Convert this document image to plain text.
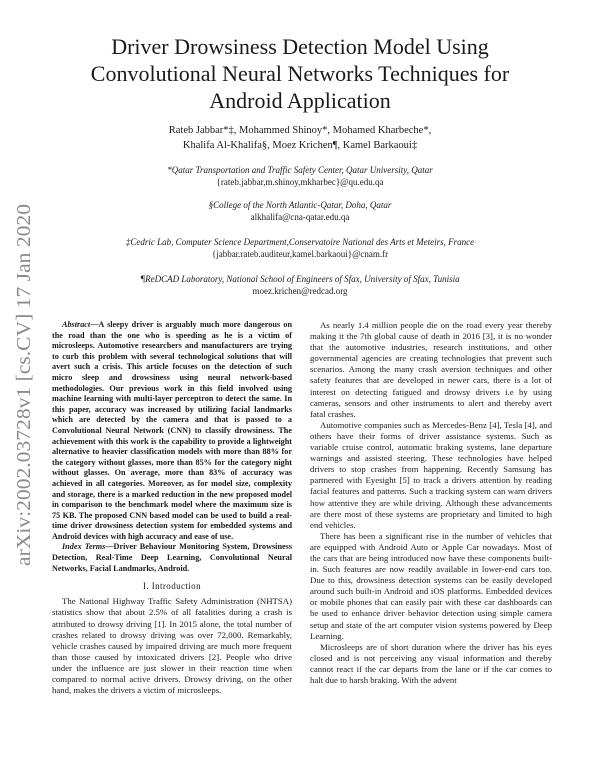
arXiv:2002.03728v1 [cs.CV] 17 Jan 2020
Driver Drowsiness Detection Model Using
Convolutional Neural Networks Techniques for
Android Application
Rateb Jabbar*‡, Mohammed Shinoy*, Mohamed Kharbeche*,
Khalifa Al-Khalifa§, Moez Krichen¶, Kamel Barkaoui‡
*Qatar Transportation and Traffic Safety Center, Qatar University, Qatar
{rateb.jabbar,m.shinoy,mkharbec}@qu.edu.qa
§College of the North Atlantic-Qatar, Doha, Qatar
alkhalifa@cna-qatar.edu.qa
‡Cedric Lab, Computer Science Department,Conservatoire National des Arts et Meteirs, France
{jabbar.rateb.auditeur,kamel.barkaoui}@cnam.fr
¶ReDCAD Laboratory, National School of Engineers of Sfax, University of Sfax, Tunisia
moez.krichen@redcad.org

Abstract—A sleepy driver is arguably much more dangerous on the road than the one who is speeding as he is a victim of microsleeps. Automotive researchers and manufacturers are trying to curb this problem with several technological solutions that will avert such a crisis. This article focuses on the detection of such micro sleep and drowsiness using neural network-based methodologies. Our previous work in this field involved using machine learning with multi-layer perceptron to detect the same. In this paper, accuracy was increased by utilizing facial landmarks which are detected by the camera and that is passed to a Convolutional Neural Network (CNN) to classify drowsiness. The achievement with this work is the capability to provide a lightweight alternative to heavier classification models with more than 88% for the category without glasses, more than 85% for the category night without glasses. On average, more than 83% of accuracy was achieved in all categories. Moreover, as for model size, complexity and storage, there is a marked reduction in the new proposed model in comparison to the benchmark model where the maximum size is 75 KB. The proposed CNN based model can be used to build a real-time driver drowsiness detection system for embedded systems and Android devices with high accuracy and ease of use.

Index Terms—Driver Behaviour Monitoring System, Drowsiness Detection, Real-Time Deep Learning, Convolutional Neural Networks, Facial Landmarks, Android.

I. Introduction

The National Highway Traffic Safety Administration (NHTSA) statistics show that about 2.5% of all fatalities during a crash is attributed to drowsy driving [1]. In 2015 alone, the total number of crashes related to drowsy driving was over 72,000. Remarkably, vehicle crashes caused by impaired driving are much more frequent than those caused by intoxicated drivers [2]. People who drive under the influence are just slower in their reaction time when compared to normal active drivers. Drowsy driving, on the other hand, makes the drivers a victim of microsleeps.

As nearly 1.4 million people die on the road every year thereby making it the 7th global cause of death in 2016 [3], it is no wonder that the automotive industries, research institutions, and other governmental agencies are creating technologies that prevent such scenarios. Among the many crash aversion techniques and other safety features that are developed in newer cars, there is a lot of interest on detecting fatigued and drowsy drivers i.e by using cameras, sensors and other instruments to alert and thereby avert fatal crashes.

Automotive companies such as Mercedes-Benz [4], Tesla [4], and others have their forms of driver assistance systems. Such as variable cruise control, automatic braking systems, lane departure warnings and assisted steering. These technologies have helped drivers to stop crashes from happening. Recently Samsung has partnered with Eyesight [5] to track a drivers attention by reading facial features and patterns. Such a tracking system can warn drivers how attentive they are while driving. Although these advancements are there most of these systems are proprietary and limited to high end vehicles.

There has been a significant rise in the number of vehicles that are equipped with Android Auto or Apple Car nowadays. Most of the cars that are being introduced now have these components built-in. Such features are now readily available in lower-end cars too. Due to this, drowsiness detection systems can be easily developed around such built-in Android and iOS platforms. Embedded devices or mobile phones that can easily pair with these car dashboards can be used to enhance driver behavior detection using simple camera setup and state of the art computer vision systems powered by Deep Learning.

Microsleeps are of short duration where the driver has his eyes closed and is not perceiving any visual information and thereby cannot react if the car departs from the lane or if the car comes to halt due to harsh braking. With the advent
